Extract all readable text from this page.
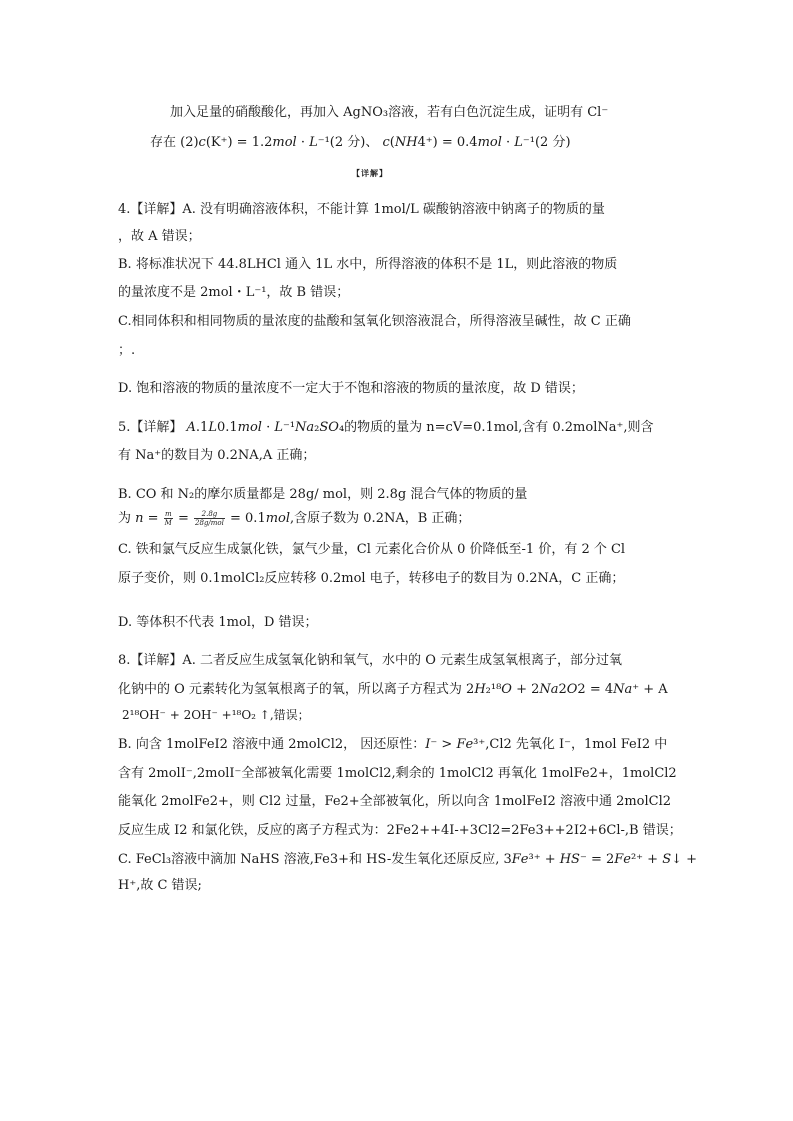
加入足量的硝酸酸化，再加入 AgNO₃溶液，若有白色沉淀生成，证明有 Cl⁻
存在 (2)𝑐(K⁺) = 1.2𝑚𝑜𝑙 · 𝐿⁻¹(2 分)、 𝑐(𝑁𝐻4⁺) = 0.4𝑚𝑜𝑙 · 𝐿⁻¹(2 分)
【详解】
4.【详解】A. 没有明确溶液体积，不能计算 1mol/L 碳酸钠溶液中钠离子的物质的量
，故 A 错误；
B. 将标准状况下 44.8LHCl 通入 1L 水中，所得溶液的体积不是 1L，则此溶液的物质
的量浓度不是 2mol・L⁻¹，故 B 错误；
C.相同体积和相同物质的量浓度的盐酸和氢氧化钡溶液混合，所得溶液呈碱性，故 C 正确
；.
D. 饱和溶液的物质的量浓度不一定大于不饱和溶液的物质的量浓度，故 D 错误；
5.【详解】 𝐴.1𝐿0.1𝑚𝑜𝑙 · 𝐿⁻¹𝑁𝑎₂𝑆𝑂₄的物质的量为 n=cV=0.1mol,含有 0.2molNa⁺,则含
有 Na⁺的数目为 0.2NA,A 正确；
B. CO 和 N₂的摩尔质量都是 28g/ mol，则 2.8g 混合气体的物质的量
为 𝑛 = $\frac{m}{M} = \frac{2.8g}{\text{28g/mol}}$ = 0.1𝑚𝑜𝑙,含原子数为 0.2NA，B 正确；
C. 铁和氯气反应生成氯化铁，氯气少量，Cl 元素化合价从 0 价降低至-1 价，有 2 个 Cl
原子变价，则 0.1molCl₂反应转移 0.2mol 电子，转移电子的数目为 0.2NA，C 正确；
D. 等体积不代表 1mol，D 错误；
8.【详解】A. 二者反应生成氢氧化钠和氧气，水中的 O 元素生成氢氧根离子，部分过氧
化钠中的 O 元素转化为氢氧根离子的氧，所以离子方程式为 2𝐻₂¹⁸𝑂 + 2𝑁𝑎2𝑂2 = 4𝑁𝑎⁺ + A
2¹⁸OH⁻ + 2OH⁻ +¹⁸O₂ ↑,错误；
B. 向含 1molFeI2 溶液中通 2molCl2， 因还原性：𝐼⁻ > 𝐹𝑒³⁺,Cl2 先氧化 I⁻，1mol FeI2 中
含有 2molI⁻,2molI⁻全部被氧化需要 1molCl2,剩余的 1molCl2 再氧化 1molFe2+，1molCl2
能氧化 2molFe2+，则 Cl2 过量，Fe2+全部被氧化，所以向含 1molFeI2 溶液中通 2molCl2
反应生成 I2 和氯化铁，反应的离子方程式为：2Fe2++4I-+3Cl2=2Fe3++2I2+6Cl-,B 错误；
C. FeCl₃溶液中滴加 NaHS 溶液,Fe3+和 HS-发生氧化还原反应, 3𝐹𝑒³⁺ + 𝐻𝑆⁻ = 2𝐹𝑒²⁺ + 𝑆↓ +
H⁺,故 C 错误;
